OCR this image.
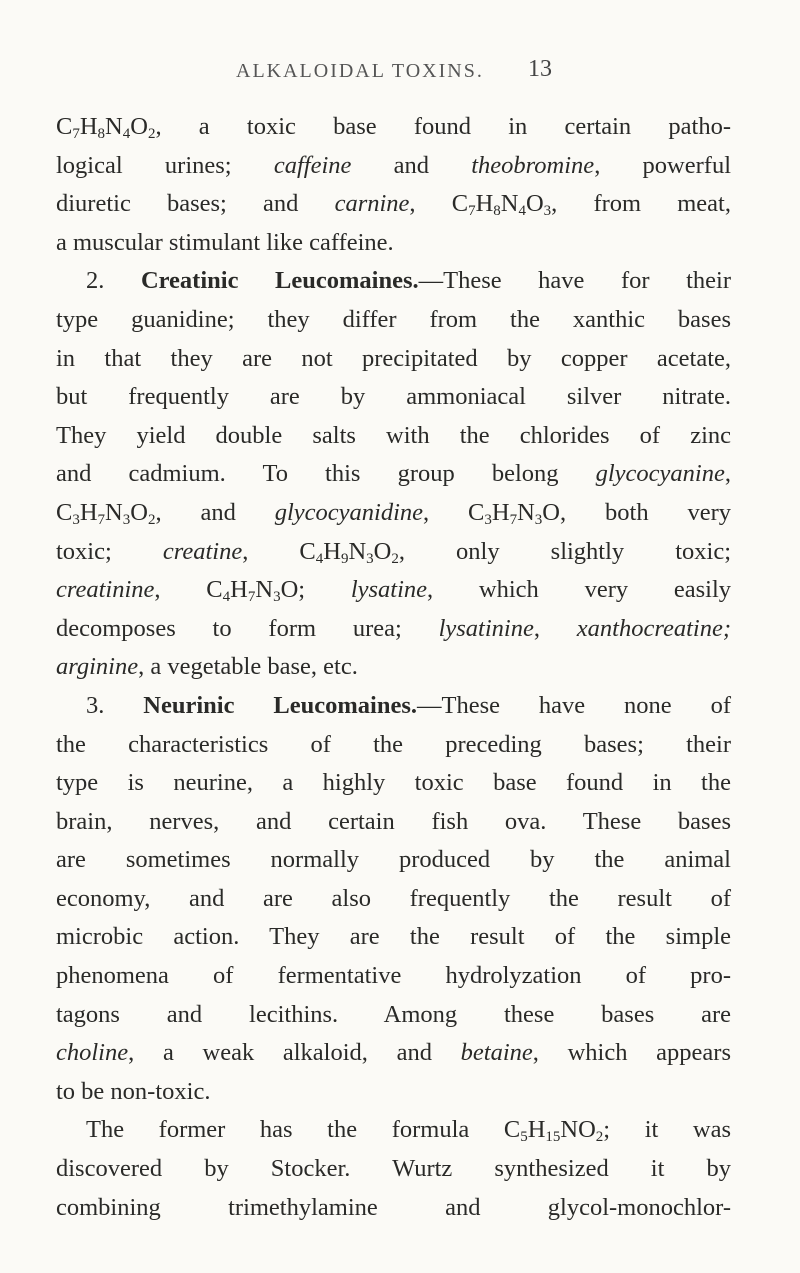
ALKALOIDAL TOXINS. 13
$C_7H_8N_4O_2$, a toxic base found in certain patho-
logical urines; caffeine and theobromine, powerful
diuretic bases; and carnine, $C_7H_8N_4O_3$, from meat,
a muscular stimulant like caffeine.
2. Creatinic Leucomaines.—These have for their
type guanidine; they differ from the xanthic bases
in that they are not precipitated by copper acetate,
but frequently are by ammoniacal silver nitrate.
They yield double salts with the chlorides of zinc
and cadmium. To this group belong glycocyanine,
$C_3H_7N_3O_2$, and glycocyanidine, $C_3H_7N_3O$, both very
toxic; creatine, $C_4H_9N_3O_2$, only slightly toxic;
creatinine, $C_4H_7N_3O$; lysatine, which very easily
decomposes to form urea; lysatinine, xanthocreatine;
arginine, a vegetable base, etc.
3. Neurinic Leucomaines.—These have none of
the characteristics of the preceding bases; their
type is neurine, a highly toxic base found in the
brain, nerves, and certain fish ova. These bases
are sometimes normally produced by the animal
economy, and are also frequently the result of
microbic action. They are the result of the simple
phenomena of fermentative hydrolyzation of pro-
tagons and lecithins. Among these bases are
choline, a weak alkaloid, and betaine, which appears
to be non-toxic.
The former has the formula $C_5H_{15}NO_2$; it was
discovered by Stocker. Wurtz synthesized it by
combining trimethylamine and glycol-monochlor-
